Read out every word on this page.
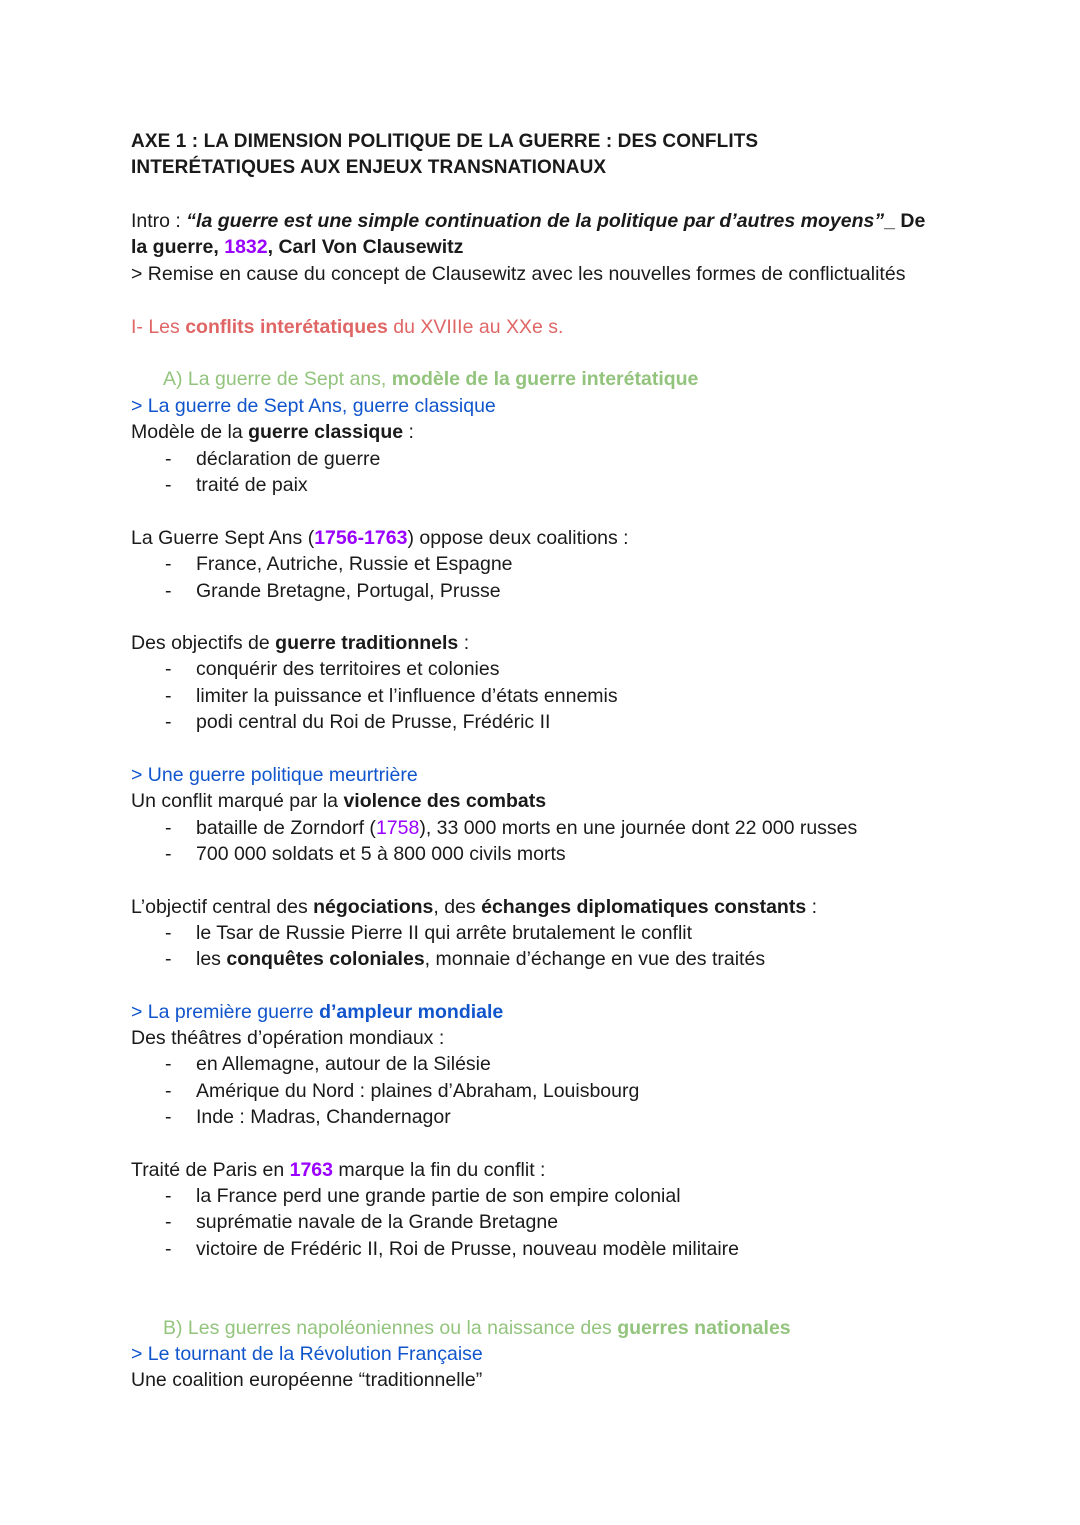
AXE 1 : LA DIMENSION POLITIQUE DE LA GUERRE : DES CONFLITS
INTERÉTATIQUES AUX ENJEUX TRANSNATIONAUX
Intro : “la guerre est une simple continuation de la politique par d’autres moyens”_ De
la guerre, 1832, Carl Von Clausewitz
> Remise en cause du concept de Clausewitz avec les nouvelles formes de conflictualités
I- Les conflits interétatiques du XVIIIe au XXe s.
A) La guerre de Sept ans, modèle de la guerre interétatique
> La guerre de Sept Ans, guerre classique
Modèle de la guerre classique :
- déclaration de guerre
- traité de paix
La Guerre Sept Ans (1756-1763) oppose deux coalitions :
- France, Autriche, Russie et Espagne
- Grande Bretagne, Portugal, Prusse
Des objectifs de guerre traditionnels :
- conquérir des territoires et colonies
- limiter la puissance et l’influence d’états ennemis
- podi central du Roi de Prusse, Frédéric II
> Une guerre politique meurtrière
Un conflit marqué par la violence des combats
- bataille de Zorndorf (1758), 33 000 morts en une journée dont 22 000 russes
- 700 000 soldats et 5 à 800 000 civils morts
L’objectif central des négociations, des échanges diplomatiques constants :
- le Tsar de Russie Pierre II qui arrête brutalement le conflit
- les conquêtes coloniales, monnaie d’échange en vue des traités
> La première guerre d’ampleur mondiale
Des théâtres d’opération mondiaux :
- en Allemagne, autour de la Silésie
- Amérique du Nord : plaines d’Abraham, Louisbourg
- Inde : Madras, Chandernagor
Traité de Paris en 1763 marque la fin du conflit :
- la France perd une grande partie de son empire colonial
- suprématie navale de la Grande Bretagne
- victoire de Frédéric II, Roi de Prusse, nouveau modèle militaire
B) Les guerres napoléoniennes ou la naissance des guerres nationales
> Le tournant de la Révolution Française
Une coalition européenne “traditionnelle”
